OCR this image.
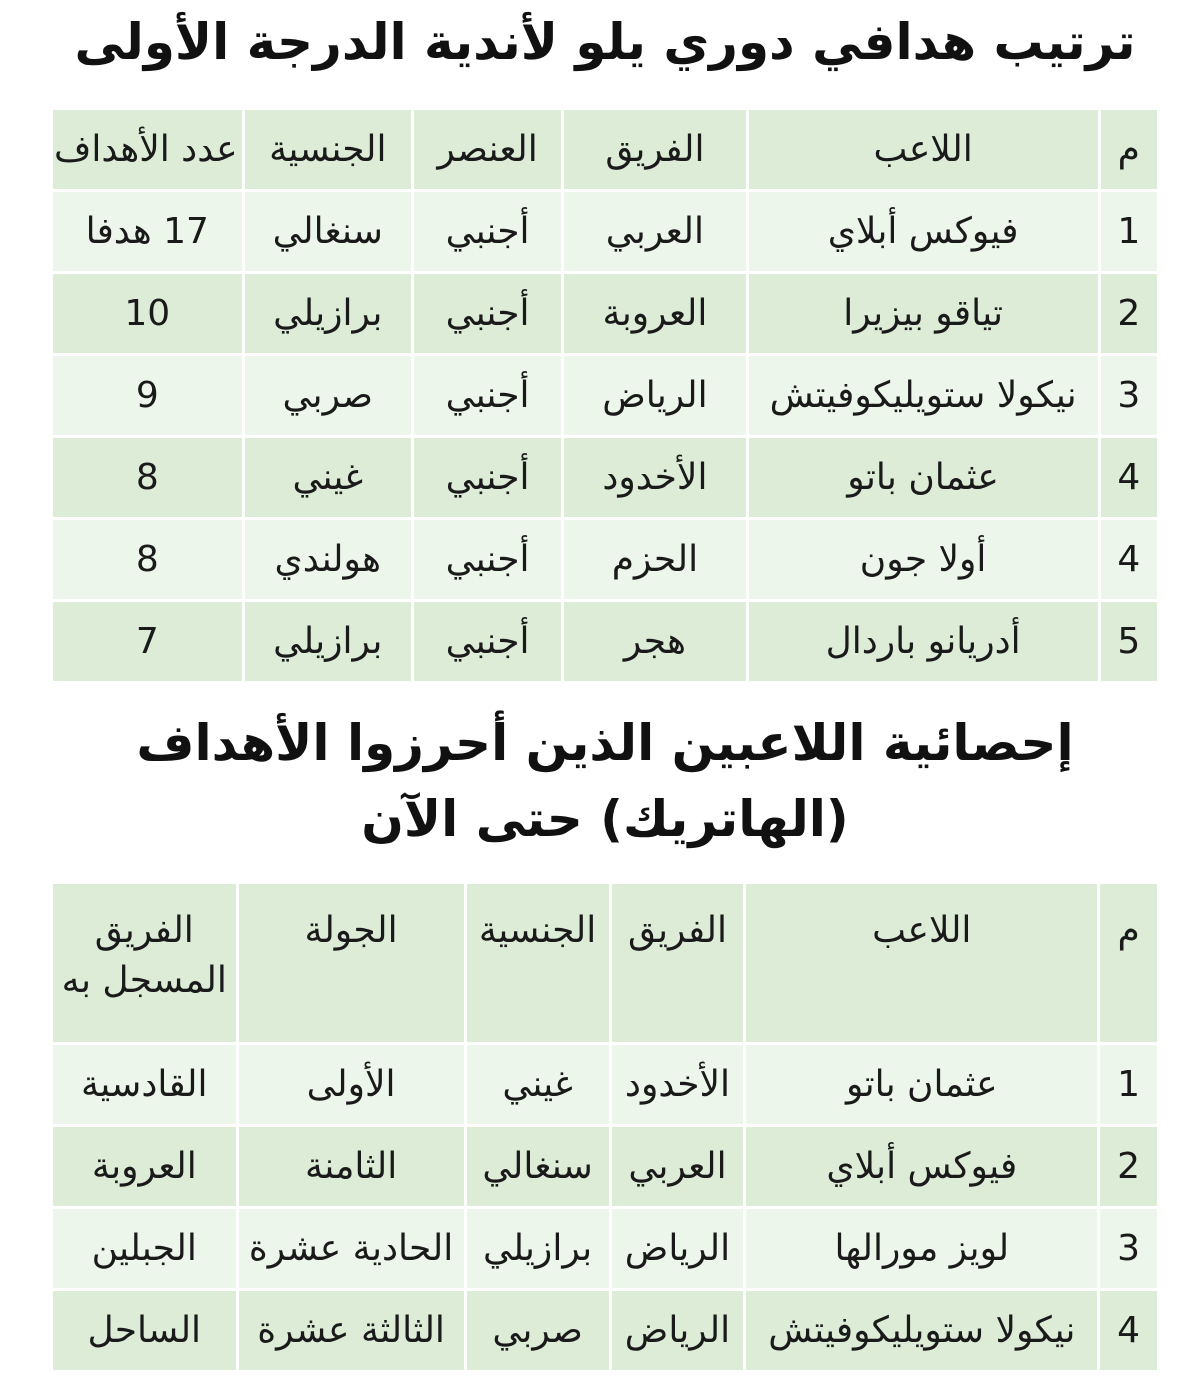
ترتيب هدافي دوري يلو لأندية الدرجة الأولى
م	اللاعب	الفريق	العنصر	الجنسية	عدد الأهداف
1	فيوكس أبلاي	العربي	أجنبي	سنغالي	17 هدفا
2	تياقو بيزيرا	العروبة	أجنبي	برازيلي	10
3	نيكولا ستويليكوفيتش	الرياض	أجنبي	صربي	9
4	عثمان باتو	الأخدود	أجنبي	غيني	8
4	أولا جون	الحزم	أجنبي	هولندي	8
5	أدريانو باردال	هجر	أجنبي	برازيلي	7
إحصائية اللاعبين الذين أحرزوا الأهداف
(الهاتريك) حتى الآن
م	اللاعب	الفريق	الجنسية	الجولة	الفريق المسجل به
1	عثمان باتو	الأخدود	غيني	الأولى	القادسية
2	فيوكس أبلاي	العربي	سنغالي	الثامنة	العروبة
3	لويز مورالها	الرياض	برازيلي	الحادية عشرة	الجبلين
4	نيكولا ستويليكوفيتش	الرياض	صربي	الثالثة عشرة	الساحل
